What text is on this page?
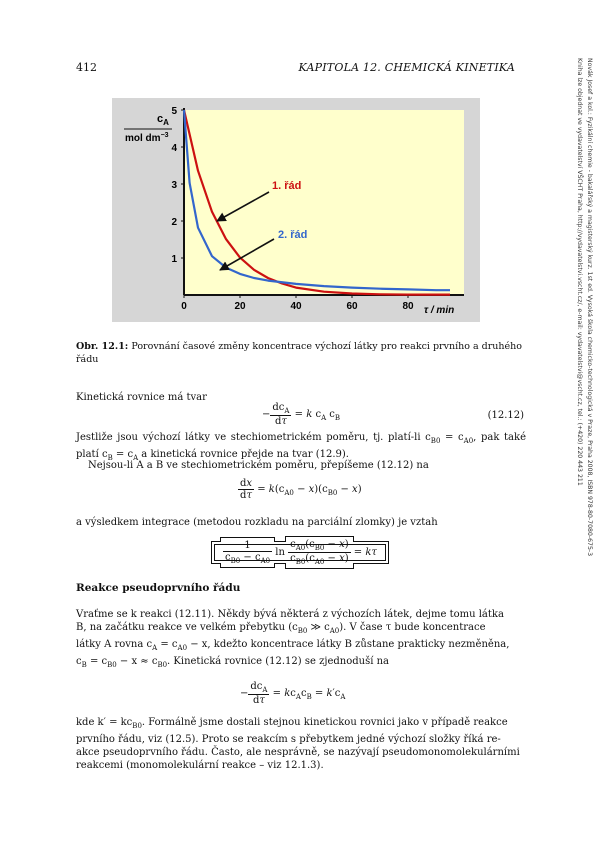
412	KAPITOLA 12. CHEMICKÁ KINETIKA	Novák Josef a kol.: Fyzikální chemie - bakalářský a magisterský kurz. 1st ed. Vysoká škola chemicko-technologická v Praze, Praha 2008, ISBN 978-80-7080-675-3
Kniha lze objednat ve vydavatelství VŠCHT Praha, http://vydavatelstvi.vscht.cz/, e-mail: vydavatelstvi@vscht.cz, tel.: (+420) 220 443 211
0	20	40	60	80
1
2
3
4
5
1. řád
2. řád
$c_A$
mol $dm^{-3}$
τ / min
Obr. 12.1: Porovnání časové změny koncentrace výchozí látky pro reakci prvního a druhého řádu
Kinetická rovnice má tvar
− $\frac{dc_A}{d\tau} = k$ $c_A$ $c_B$	(12.12)
Jestliže jsou výchozí látky ve stechiometrickém poměru, tj. platí-li $c_{B0} = c_{A0}$, pak také platí $c_B = c_A$ a kinetická rovnice přejde na tvar (12.9).
Nejsou-li A a B ve stechiometrickém poměru, přepíšeme (12.12) na
$\frac{dx}{d\tau} = k(c_{A0} - x)(c_{B0} - x)$
a výsledkem integrace (metodou rozkladu na parciální zlomky) je vztah
$\frac{1}{c_{B0} - c_{A0}}$ $\ln \frac{c_{A0}(c_{B0} - x)}{c_{B0}(c_{A0} - x)} = k\tau$
Reakce pseudoprvního řádu
Vraťme se k reakci (12.11). Někdy bývá některá z výchozích látek, dejme tomu látka
B, na začátku reakce ve velkém přebytku ($c_{B0}$ ≫ $c_{A0}$). V čase τ bude koncentrace
látky A rovna $c_A = c_{A0} - x$, kdežto koncentrace látky B zůstane prakticky nezměněna,
$c_B = c_{B0} - x \approx c_{B0}$. Kinetická rovnice (12.12) se zjednoduší na
− $\frac{dc_A}{d\tau} = kc_Ac_B = k'c_A$
kde $k' = kc_{B0}$. Formálně jsme dostali stejnou kinetickou rovnici jako v případě reakce
prvního řádu, viz (12.5). Proto se reakcím s přebytkem jedné výchozí složky říká re-
akce pseudoprvního řádu. Často, ale nesprávně, se nazývají pseudomonomolekulárními
reakcemi (monomolekulární reakce – viz 12.1.3).
